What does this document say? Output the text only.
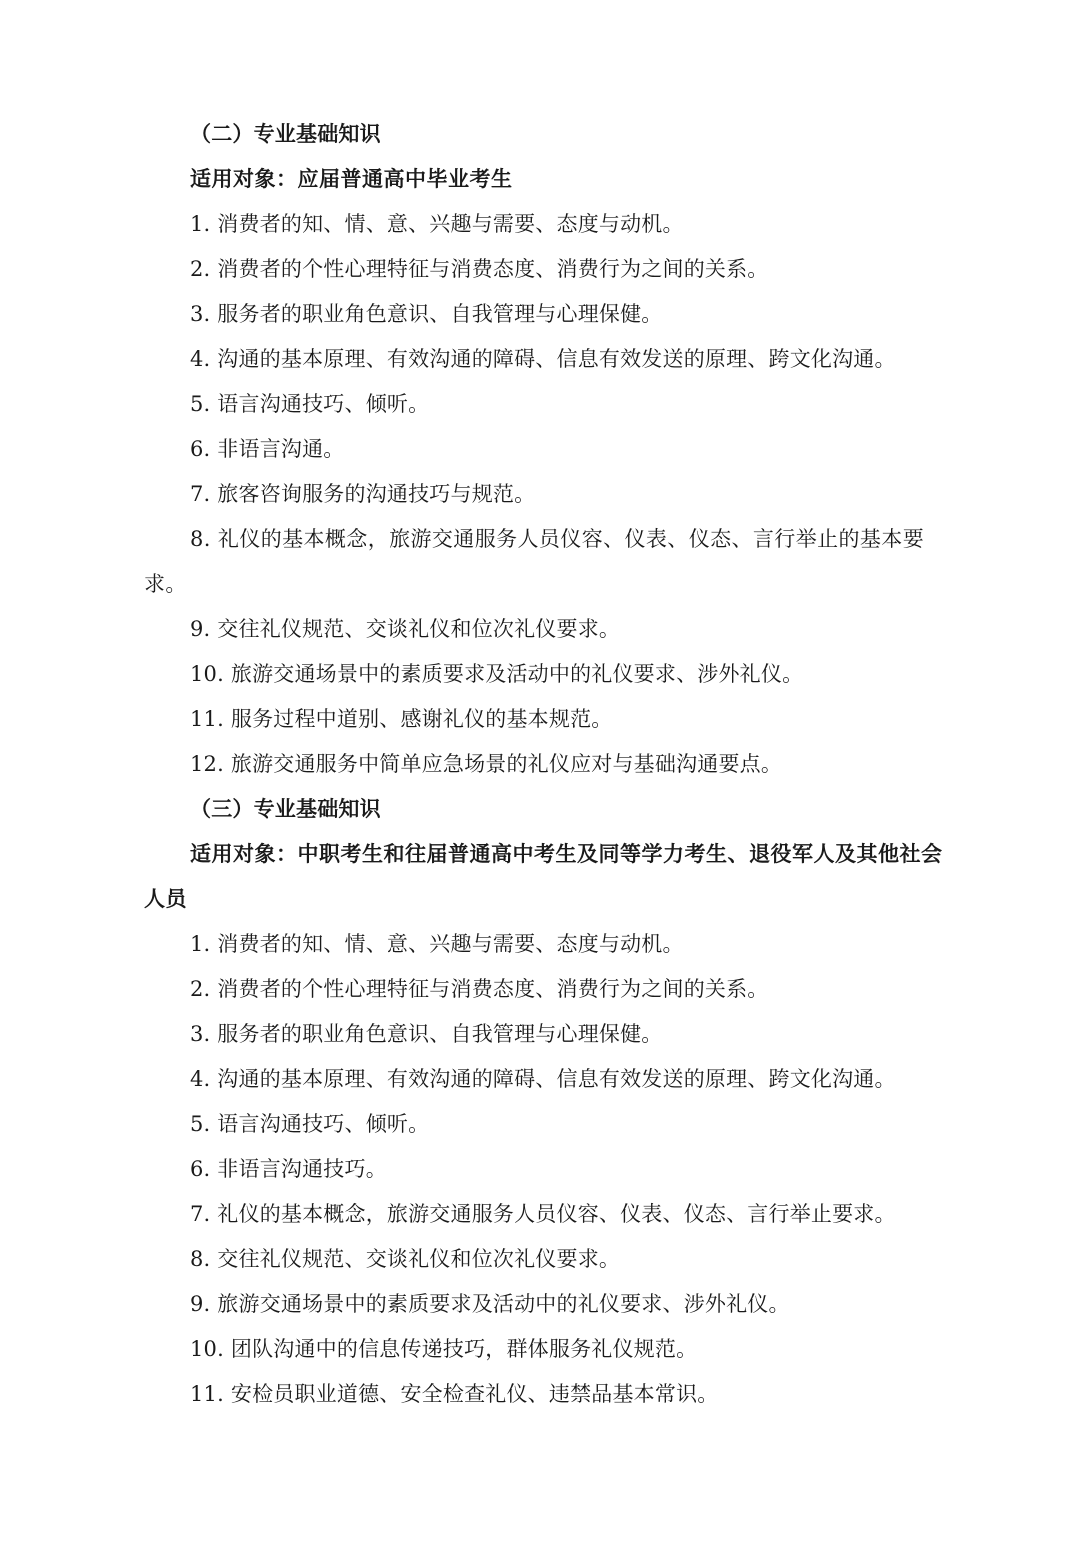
（二）专业基础知识

适用对象：应届普通高中毕业考生

1. 消费者的知、情、意、兴趣与需要、态度与动机。

2. 消费者的个性心理特征与消费态度、消费行为之间的关系。

3. 服务者的职业角色意识、自我管理与心理保健。

4. 沟通的基本原理、有效沟通的障碍、信息有效发送的原理、跨文化沟通。

5. 语言沟通技巧、倾听。

6. 非语言沟通。

7. 旅客咨询服务的沟通技巧与规范。

8. 礼仪的基本概念，旅游交通服务人员仪容、仪表、仪态、言行举止的基本要求。

9. 交往礼仪规范、交谈礼仪和位次礼仪要求。

10. 旅游交通场景中的素质要求及活动中的礼仪要求、涉外礼仪。

11. 服务过程中道别、感谢礼仪的基本规范。

12. 旅游交通服务中简单应急场景的礼仪应对与基础沟通要点。

（三）专业基础知识

适用对象：中职考生和往届普通高中考生及同等学力考生、退役军人及其他社会人员

1. 消费者的知、情、意、兴趣与需要、态度与动机。

2. 消费者的个性心理特征与消费态度、消费行为之间的关系。

3. 服务者的职业角色意识、自我管理与心理保健。

4. 沟通的基本原理、有效沟通的障碍、信息有效发送的原理、跨文化沟通。

5. 语言沟通技巧、倾听。

6. 非语言沟通技巧。

7. 礼仪的基本概念，旅游交通服务人员仪容、仪表、仪态、言行举止要求。

8. 交往礼仪规范、交谈礼仪和位次礼仪要求。

9. 旅游交通场景中的素质要求及活动中的礼仪要求、涉外礼仪。

10. 团队沟通中的信息传递技巧，群体服务礼仪规范。

11. 安检员职业道德、安全检查礼仪、违禁品基本常识。
